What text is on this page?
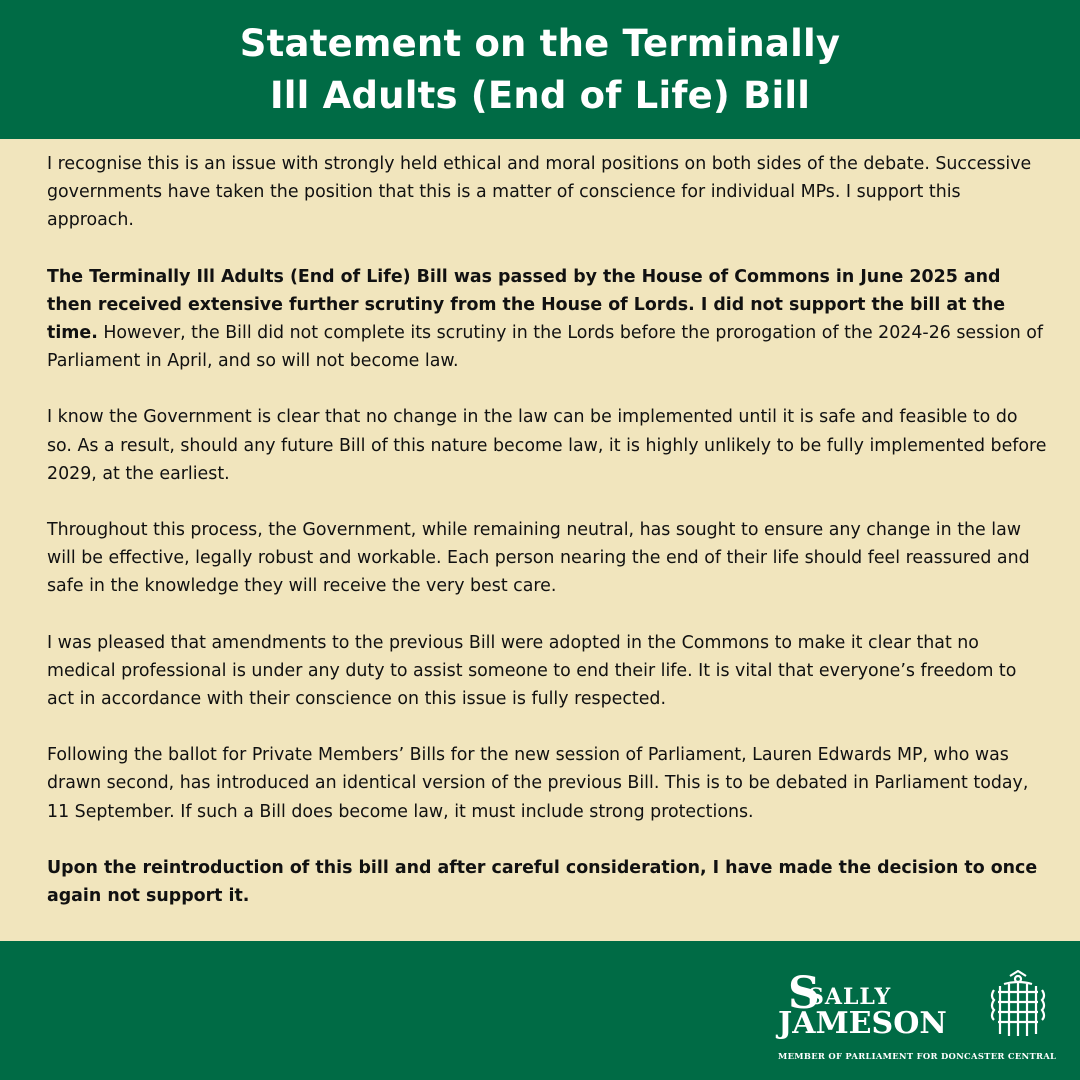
Statement on the Terminally
Ill Adults (End of Life) Bill

I recognise this is an issue with strongly held ethical and moral positions on both sides of the debate. Successive governments have taken the position that this is a matter of conscience for individual MPs. I support this approach.

The Terminally Ill Adults (End of Life) Bill was passed by the House of Commons in June 2025 and then received extensive further scrutiny from the House of Lords. I did not support the bill at the time. However, the Bill did not complete its scrutiny in the Lords before the prorogation of the 2024-26 session of Parliament in April, and so will not become law.

I know the Government is clear that no change in the law can be implemented until it is safe and feasible to do so. As a result, should any future Bill of this nature become law, it is highly unlikely to be fully implemented before 2029, at the earliest.

Throughout this process, the Government, while remaining neutral, has sought to ensure any change in the law will be effective, legally robust and workable. Each person nearing the end of their life should feel reassured and safe in the knowledge they will receive the very best care.

I was pleased that amendments to the previous Bill were adopted in the Commons to make it clear that no medical professional is under any duty to assist someone to end their life. It is vital that everyone’s freedom to act in accordance with their conscience on this issue is fully respected.

Following the ballot for Private Members’ Bills for the new session of Parliament, Lauren Edwards MP, who was drawn second, has introduced an identical version of the previous Bill. This is to be debated in Parliament today, 11 September. If such a Bill does become law, it must include strong protections.

Upon the reintroduction of this bill and after careful consideration, I have made the decision to once again not support it.

S
SALLY
JAMESON
MEMBER OF PARLIAMENT FOR DONCASTER CENTRAL
